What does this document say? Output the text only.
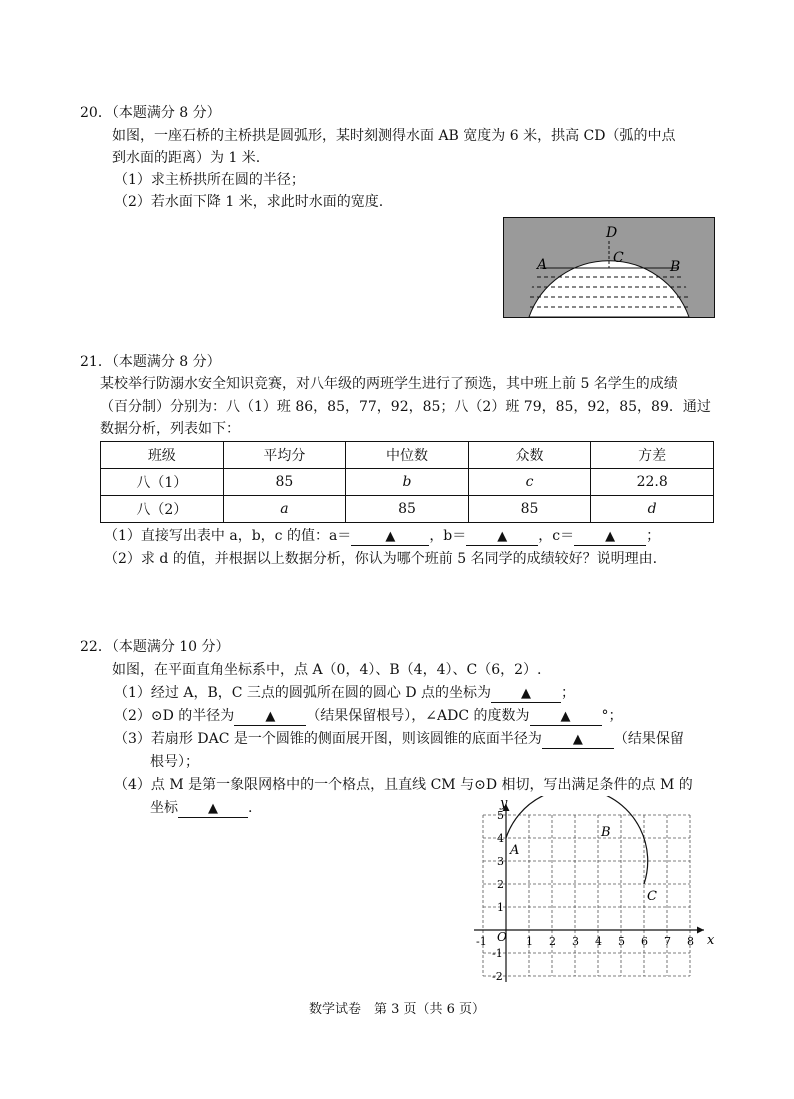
20．（本题满分 8 分）
如图，一座石桥的主桥拱是圆弧形，某时刻测得水面 AB 宽度为 6 米，拱高 CD（弧的中点
到水面的距离）为 1 米.
（1）求主桥拱所在圆的半径；
（2）若水面下降 1 米，求此时水面的宽度.
D
C
A	B
21．（本题满分 8 分）
某校举行防溺水安全知识竞赛，对八年级的两班学生进行了预选，其中班上前 5 名学生的成绩
（百分制）分别为：八（1）班 86，85，77，92，85；八（2）班 79，85，92，85，89．通过
数据分析，列表如下：
班级	平均分	中位数	众数	方差
八（1）	85	b	c	22.8
八（2）	a	85	85	d
（1）直接写出表中 a，b，c 的值：a＝	▲ ，b＝ ▲ ，c＝ ▲ ；
（2）求 d 的值，并根据以上数据分析，你认为哪个班前 5 名同学的成绩较好？说明理由.
22．（本题满分 10 分）
如图，在平面直角坐标系中，点 A（0，4）、B（4，4）、C（6，2）.
（1）经过 A，B，C 三点的圆弧所在圆的圆心 D 点的坐标为 ▲ ；
（2）⊙D 的半径为 ▲ （结果保留根号），∠ADC 的度数为 ▲ °；
（3）若扇形 DAC 是一个圆锥的侧面展开图，则该圆锥的底面半径为 ▲ （结果保留
根号）；
（4）点 M 是第一象限网格中的一个格点，且直线 CM 与⊙D 相切，写出满足条件的点 M 的
坐标 ▲ .
x
y
O
-1	1 2 3 4 5 6 7 8
5
4
3
2
1
-1
-2
A
B
C
数学试卷　第 3 页（共 6 页）
